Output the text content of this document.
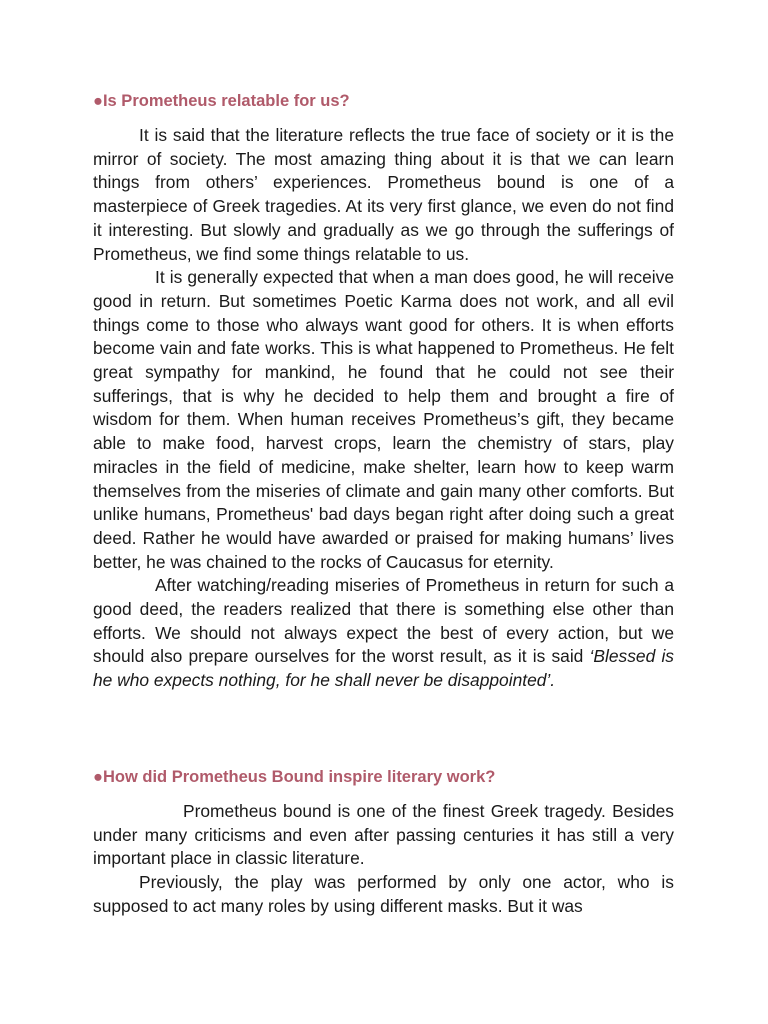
●Is Prometheus relatable for us?

It is said that the literature reflects the true face of society or it is the mirror of society. The most amazing thing about it is that we can learn things from others’ experiences. Prometheus bound is one of a masterpiece of Greek tragedies. At its very first glance, we even do not find it interesting. But slowly and gradually as we go through the sufferings of Prometheus, we find some things relatable to us.

It is generally expected that when a man does good, he will receive good in return. But sometimes Poetic Karma does not work, and all evil things come to those who always want good for others. It is when efforts become vain and fate works. This is what happened to Prometheus. He felt great sympathy for mankind, he found that he could not see their sufferings, that is why he decided to help them and brought a fire of wisdom for them. When human receives Prometheus’s gift, they became able to make food, harvest crops, learn the chemistry of stars, play miracles in the field of medicine, make shelter, learn how to keep warm themselves from the miseries of climate and gain many other comforts. But unlike humans, Prometheus' bad days began right after doing such a great deed. Rather he would have awarded or praised for making humans’ lives better, he was chained to the rocks of Caucasus for eternity.

After watching/reading miseries of Prometheus in return for such a good deed, the readers realized that there is something else other than efforts. We should not always expect the best of every action, but we should also prepare ourselves for the worst result, as it is said ‘Blessed is he who expects nothing, for he shall never be disappointed’.

●How did Prometheus Bound inspire literary work?

Prometheus bound is one of the finest Greek tragedy. Besides under many criticisms and even after passing centuries it has still a very important place in classic literature.

Previously, the play was performed by only one actor, who is supposed to act many roles by using different masks. But it was
